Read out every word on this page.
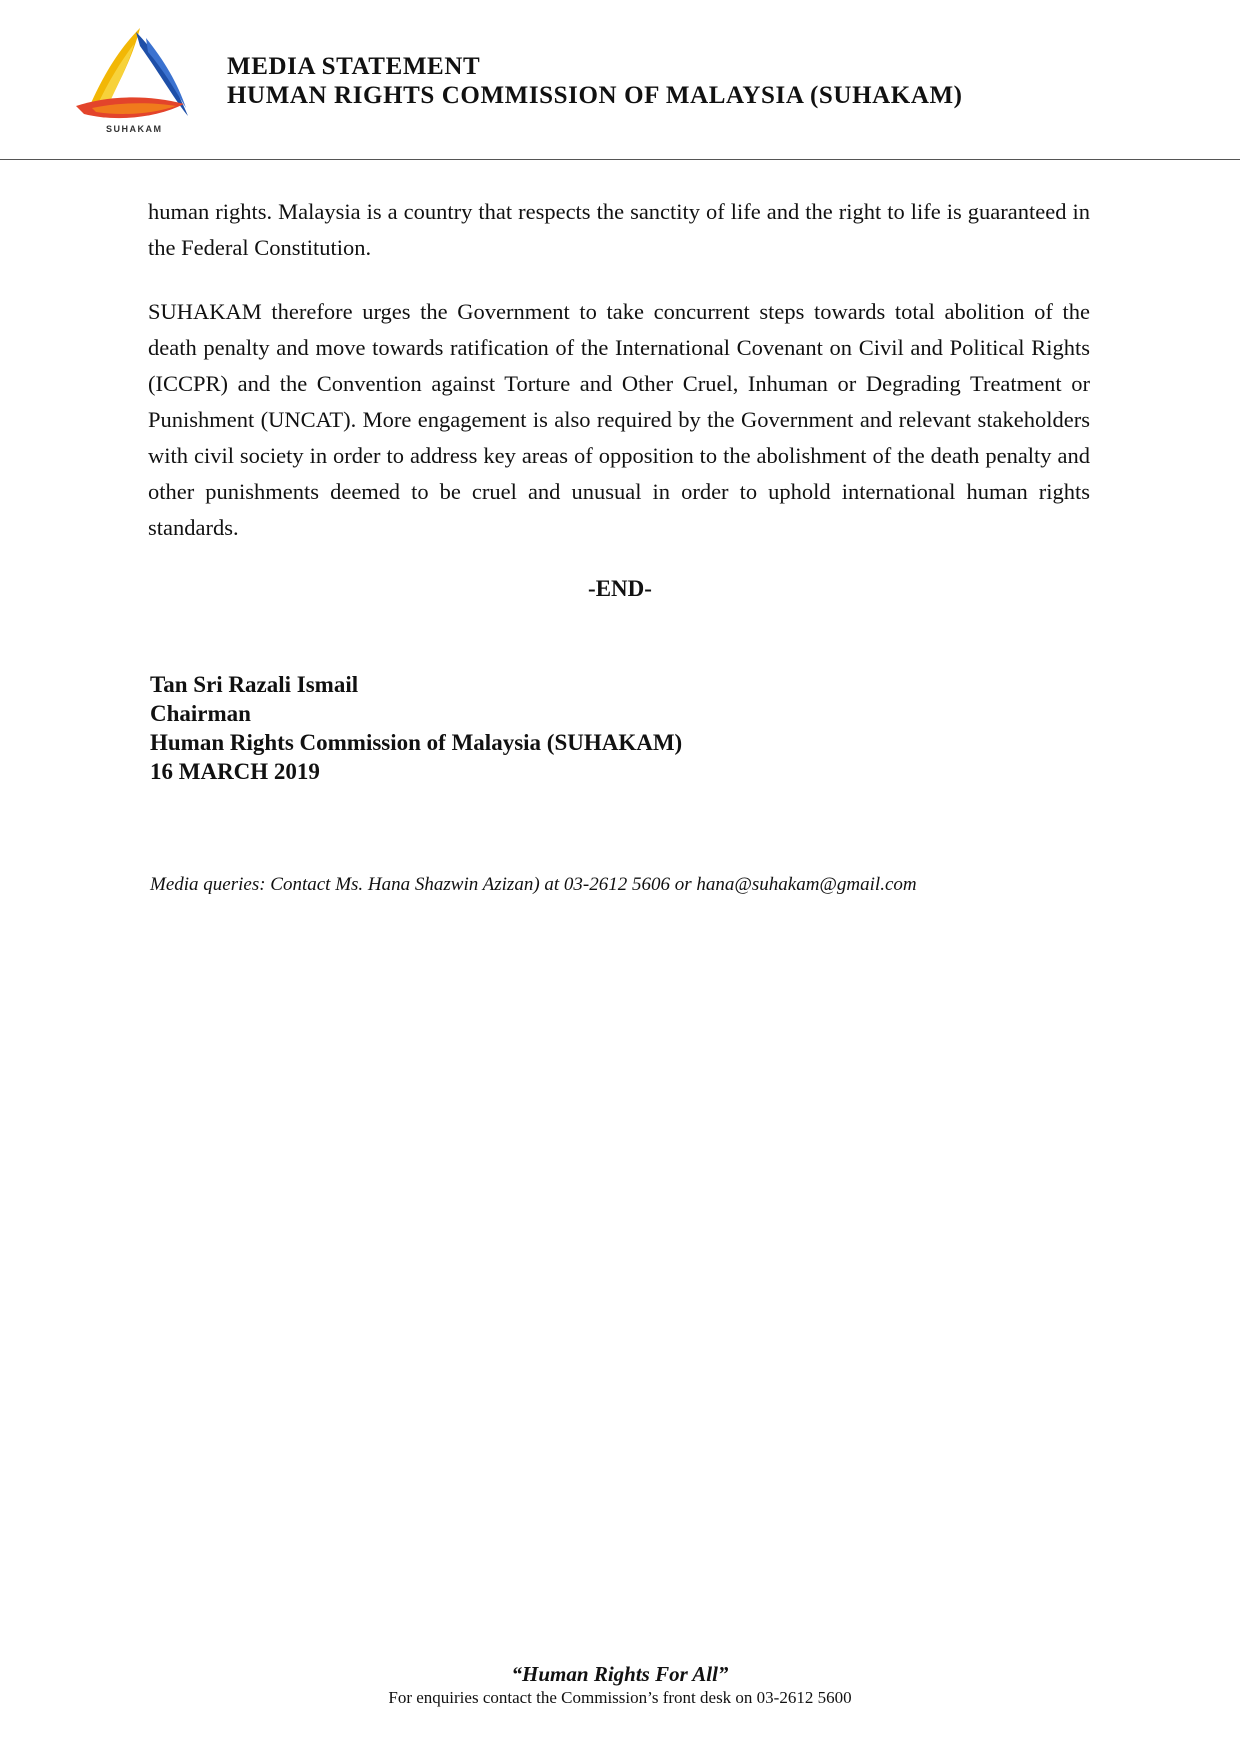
SUHAKAM
MEDIA STATEMENT
HUMAN RIGHTS COMMISSION OF MALAYSIA (SUHAKAM)

human rights. Malaysia is a country that respects the sanctity of life and the right to life is guaranteed in the Federal Constitution.

SUHAKAM therefore urges the Government to take concurrent steps towards total abolition of the death penalty and move towards ratification of the International Covenant on Civil and Political Rights (ICCPR) and the Convention against Torture and Other Cruel, Inhuman or Degrading Treatment or Punishment (UNCAT). More engagement is also required by the Government and relevant stakeholders with civil society in order to address key areas of opposition to the abolishment of the death penalty and other punishments deemed to be cruel and unusual in order to uphold international human rights standards.

-END-
Tan Sri Razali Ismail
Chairman
Human Rights Commission of Malaysia (SUHAKAM)
16 MARCH 2019
Media queries: Contact Ms. Hana Shazwin Azizan) at 03-2612 5606 or hana@suhakam@gmail.com
“Human Rights For All”
For enquiries contact the Commission’s front desk on 03-2612 5600
